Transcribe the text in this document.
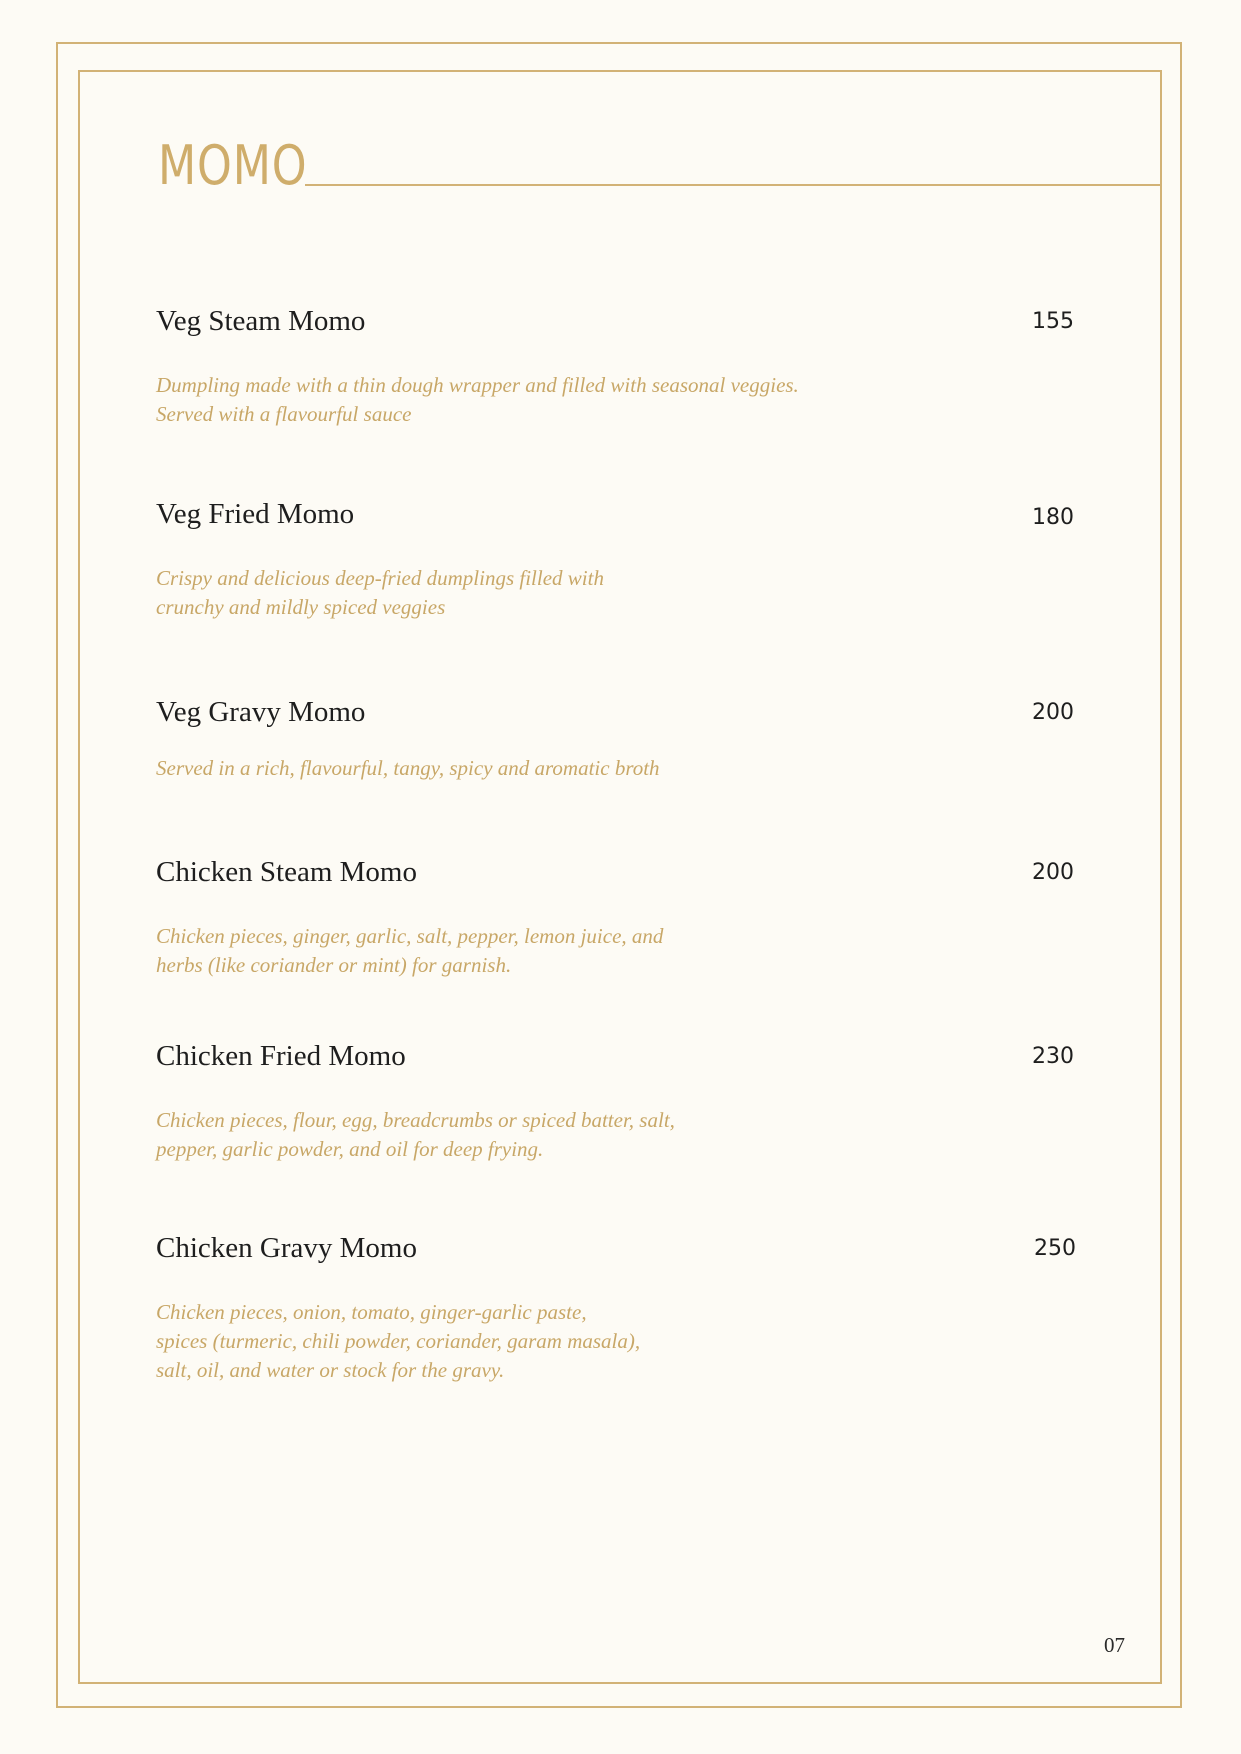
MOMO
Veg Steam Momo	155

Dumpling made with a thin dough wrapper and filled with seasonal veggies.
Served with a flavourful sauce

Veg Fried Momo	180

Crispy and delicious deep-fried dumplings filled with
crunchy and mildly spiced veggies

Veg Gravy Momo	200

Served in a rich, flavourful, tangy, spicy and aromatic broth

Chicken Steam Momo	200

Chicken pieces, ginger, garlic, salt, pepper, lemon juice, and
herbs (like coriander or mint) for garnish.

Chicken Fried Momo	230

Chicken pieces, flour, egg, breadcrumbs or spiced batter, salt,
pepper, garlic powder, and oil for deep frying.

Chicken Gravy Momo	250

Chicken pieces, onion, tomato, ginger-garlic paste,
spices (turmeric, chili powder, coriander, garam masala),
salt, oil, and water or stock for the gravy.

07
